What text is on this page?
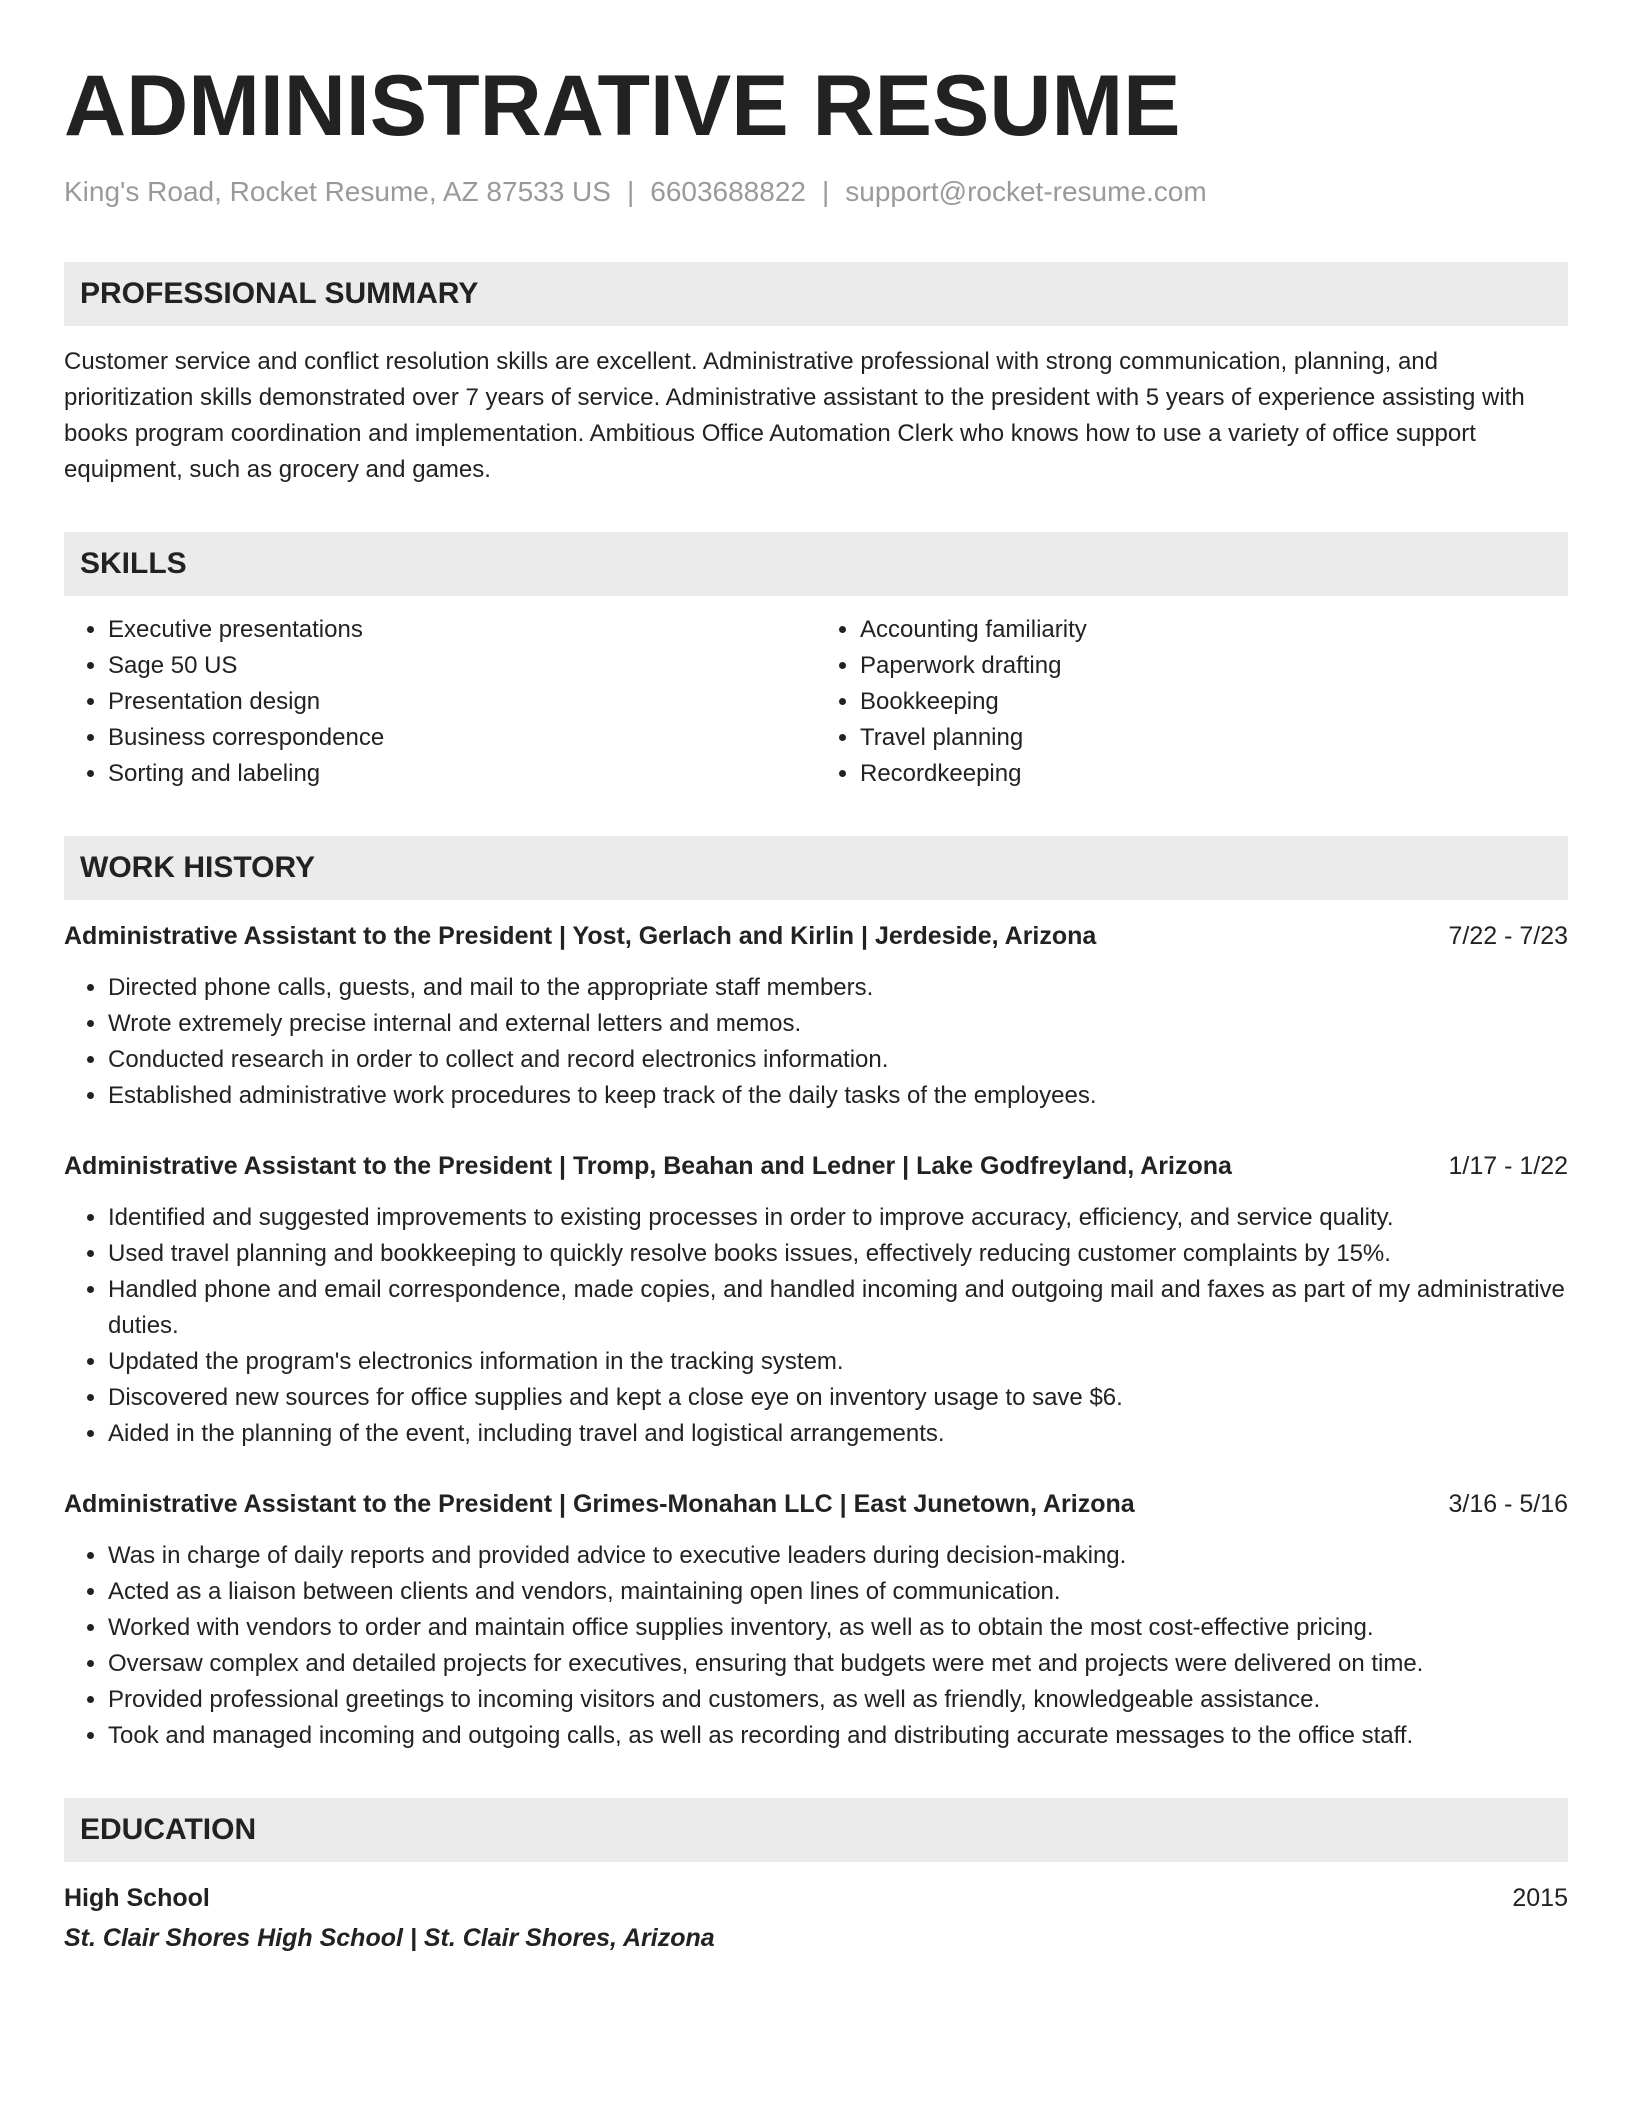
ADMINISTRATIVE RESUME
King's Road, Rocket Resume, AZ 87533 US | 6603688822 | support@rocket-resume.com
PROFESSIONAL SUMMARY

Customer service and conflict resolution skills are excellent. Administrative professional with strong communication, planning, and prioritization skills demonstrated over 7 years of service. Administrative assistant to the president with 5 years of experience assisting with books program coordination and implementation. Ambitious Office Automation Clerk who knows how to use a variety of office support equipment, such as grocery and games.

SKILLS
• Executive presentations
• Sage 50 US
• Presentation design
• Business correspondence
• Sorting and labeling
• Accounting familiarity
• Paperwork drafting
• Bookkeeping
• Travel planning
• Recordkeeping
WORK HISTORY
Administrative Assistant to the President | Yost, Gerlach and Kirlin | Jerdeside, Arizona	7/22 - 7/23
• Directed phone calls, guests, and mail to the appropriate staff members.
• Wrote extremely precise internal and external letters and memos.
• Conducted research in order to collect and record electronics information.
• Established administrative work procedures to keep track of the daily tasks of the employees.
Administrative Assistant to the President | Tromp, Beahan and Ledner | Lake Godfreyland, Arizona	1/17 - 1/22
• Identified and suggested improvements to existing processes in order to improve accuracy, efficiency, and service quality.
• Used travel planning and bookkeeping to quickly resolve books issues, effectively reducing customer complaints by 15%.
• Handled phone and email correspondence, made copies, and handled incoming and outgoing mail and faxes as part of my administrative duties.
• Updated the program's electronics information in the tracking system.
• Discovered new sources for office supplies and kept a close eye on inventory usage to save $6.
• Aided in the planning of the event, including travel and logistical arrangements.
Administrative Assistant to the President | Grimes-Monahan LLC | East Junetown, Arizona	3/16 - 5/16
• Was in charge of daily reports and provided advice to executive leaders during decision-making.
• Acted as a liaison between clients and vendors, maintaining open lines of communication.
• Worked with vendors to order and maintain office supplies inventory, as well as to obtain the most cost-effective pricing.
• Oversaw complex and detailed projects for executives, ensuring that budgets were met and projects were delivered on time.
• Provided professional greetings to incoming visitors and customers, as well as friendly, knowledgeable assistance.
• Took and managed incoming and outgoing calls, as well as recording and distributing accurate messages to the office staff.
EDUCATION
High School	2015
St. Clair Shores High School | St. Clair Shores, Arizona
